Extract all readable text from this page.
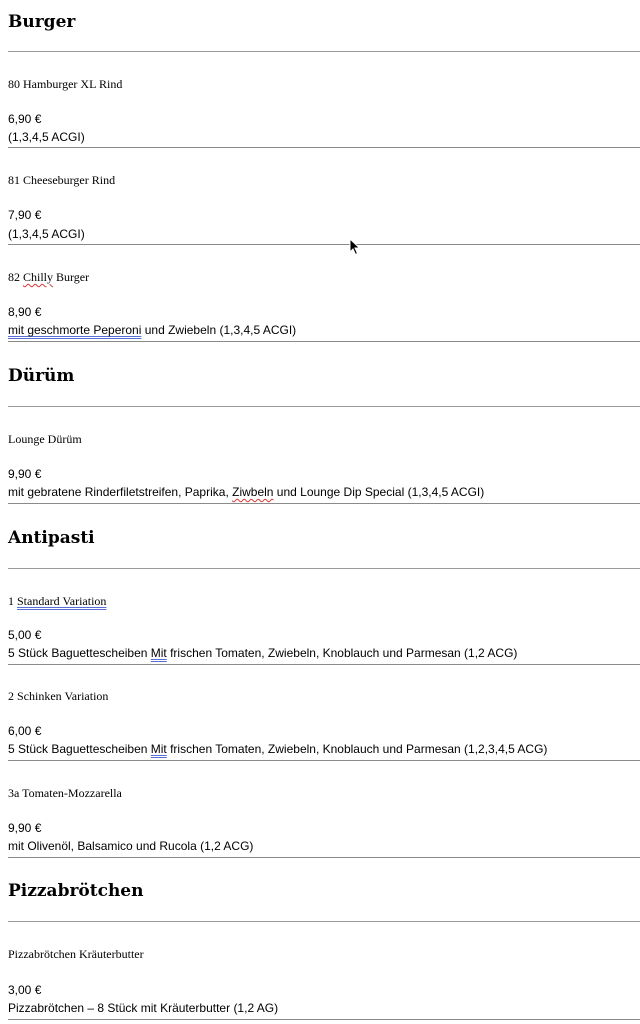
Burger
80 Hamburger XL Rind
6,90 €
(1,3,4,5 ACGI)
81 Cheeseburger Rind
7,90 €
(1,3,4,5 ACGI)
82 Chilly Burger
8,90 €
mit geschmorte Peperoni und Zwiebeln (1,3,4,5 ACGI)
Dürüm
Lounge Dürüm
9,90 €
mit gebratene Rinderfiletstreifen, Paprika, Ziwbeln und Lounge Dip Special (1,3,4,5 ACGI)
Antipasti
1 Standard Variation
5,00 €
5 Stück Baguettescheiben Mit frischen Tomaten, Zwiebeln, Knoblauch und Parmesan (1,2 ACG)
2 Schinken Variation
6,00 €
5 Stück Baguettescheiben Mit frischen Tomaten, Zwiebeln, Knoblauch und Parmesan (1,2,3,4,5 ACG)
3a Tomaten-Mozzarella
9,90 €
mit Olivenöl, Balsamico und Rucola (1,2 ACG)
Pizzabrötchen
Pizzabrötchen Kräuterbutter
3,00 €
Pizzabrötchen – 8 Stück mit Kräuterbutter (1,2 AG)
